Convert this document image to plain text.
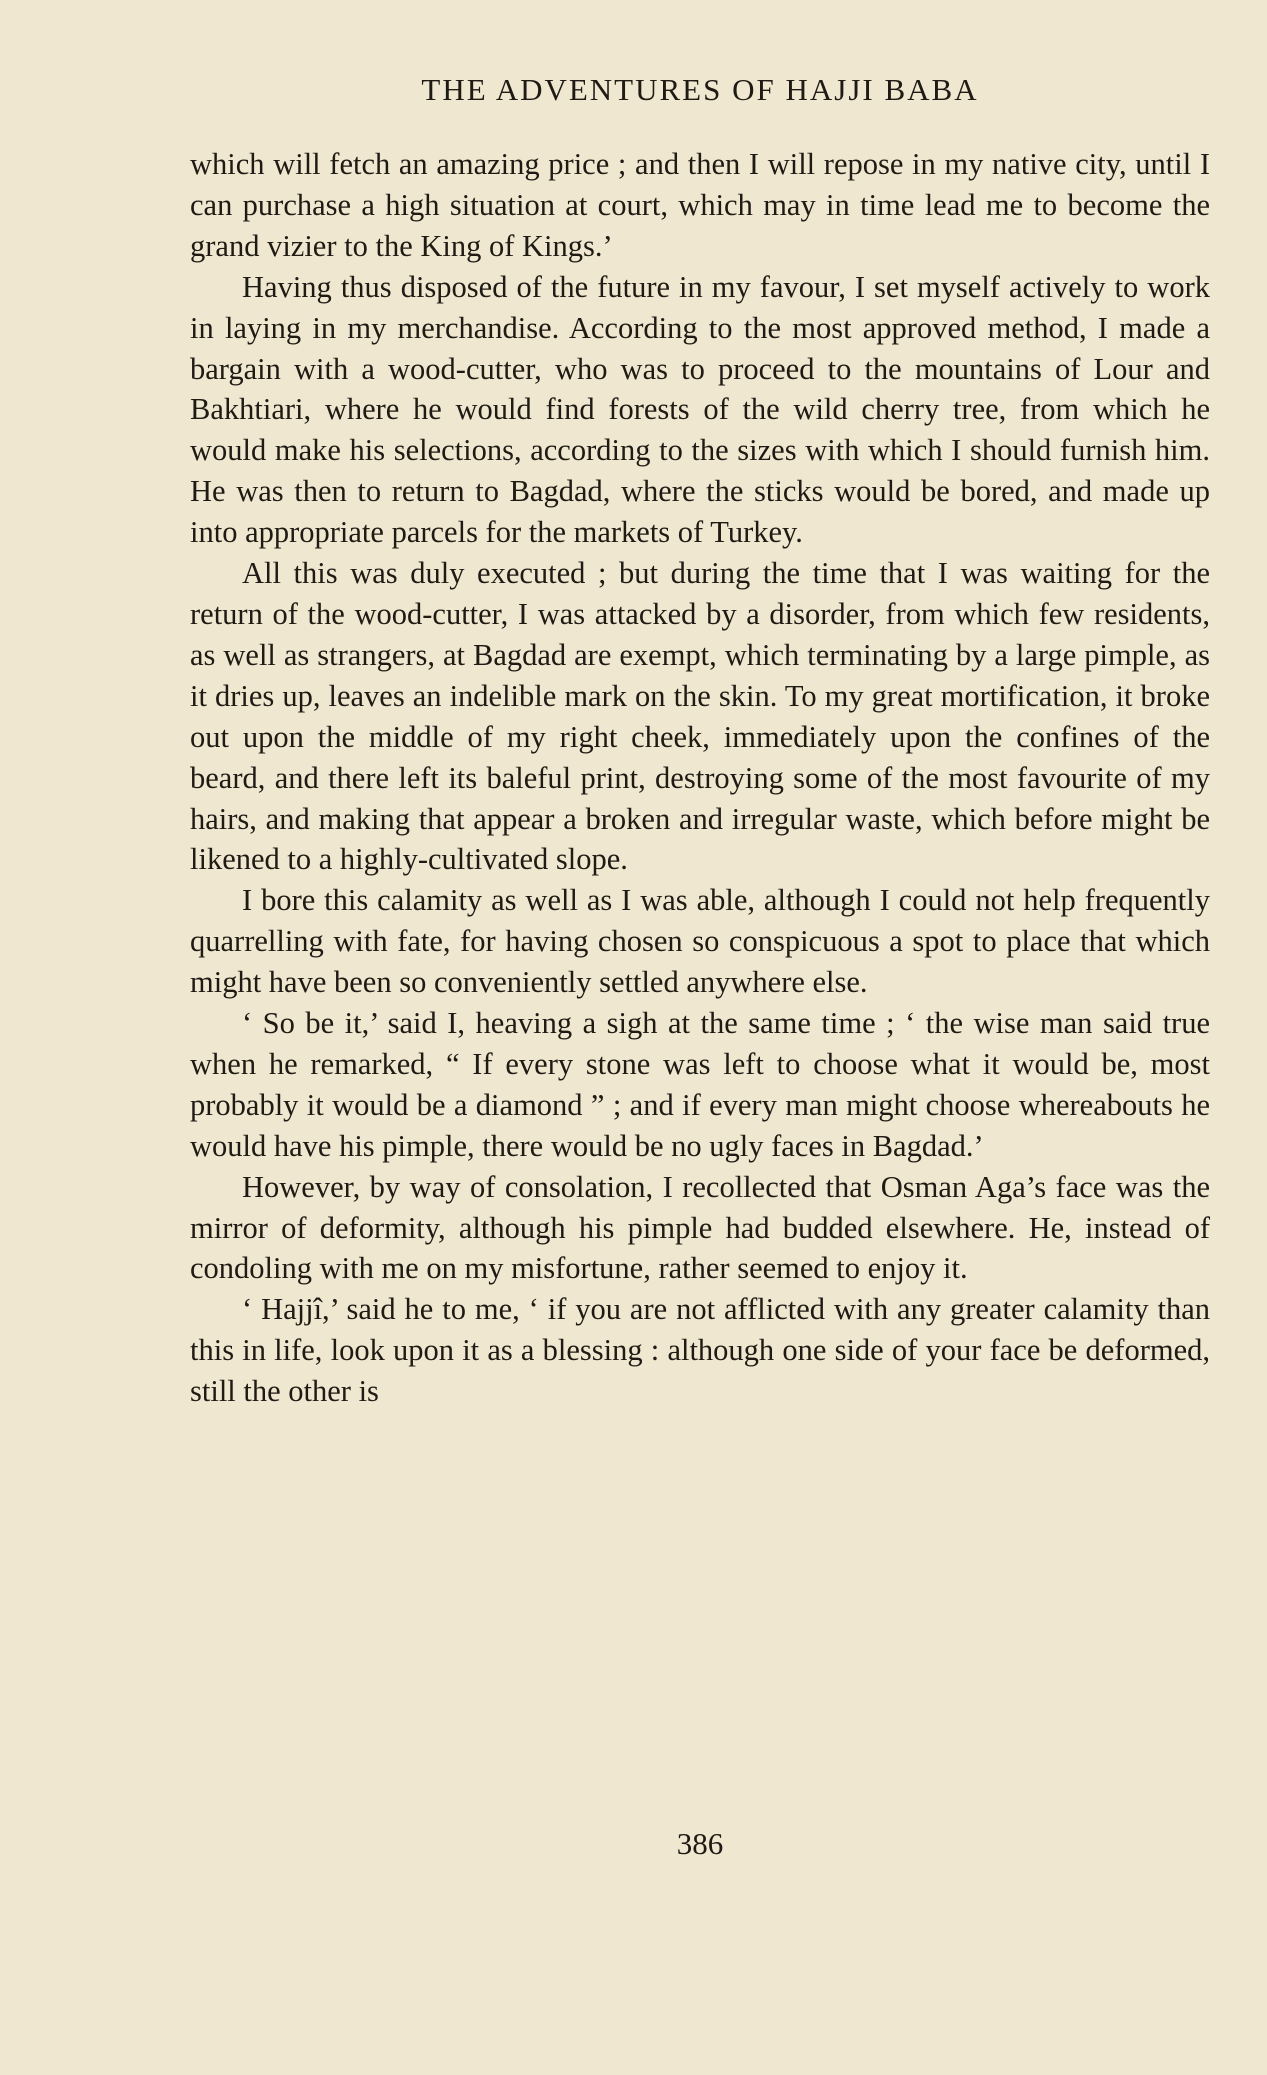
THE ADVENTURES OF HAJJI BABA

which will fetch an amazing price ; and then I will repose in my native city, until I can purchase a high situation at court, which may in time lead me to become the grand vizier to the King of Kings.’

Having thus disposed of the future in my favour, I set myself actively to work in laying in my merchandise. According to the most approved method, I made a bargain with a wood-cutter, who was to proceed to the mountains of Lour and Bakhtiari, where he would find forests of the wild cherry tree, from which he would make his selections, according to the sizes with which I should furnish him. He was then to return to Bagdad, where the sticks would be bored, and made up into appropriate parcels for the markets of Turkey.

All this was duly executed ; but during the time that I was waiting for the return of the wood-cutter, I was attacked by a disorder, from which few residents, as well as strangers, at Bagdad are exempt, which terminating by a large pimple, as it dries up, leaves an indelible mark on the skin. To my great mortification, it broke out upon the middle of my right cheek, immediately upon the confines of the beard, and there left its baleful print, destroying some of the most favourite of my hairs, and making that appear a broken and irregular waste, which before might be likened to a highly-cultivated slope.

I bore this calamity as well as I was able, although I could not help frequently quarrelling with fate, for having chosen so conspicuous a spot to place that which might have been so conveniently settled anywhere else.

‘ So be it,’ said I, heaving a sigh at the same time ; ‘ the wise man said true when he remarked, “ If every stone was left to choose what it would be, most probably it would be a diamond ” ; and if every man might choose whereabouts he would have his pimple, there would be no ugly faces in Bagdad.’

However, by way of consolation, I recollected that Osman Aga’s face was the mirror of deformity, although his pimple had budded elsewhere. He, instead of condoling with me on my misfortune, rather seemed to enjoy it.

‘ Hajjî,’ said he to me, ‘ if you are not afflicted with any greater calamity than this in life, look upon it as a blessing : although one side of your face be deformed, still the other is

386
